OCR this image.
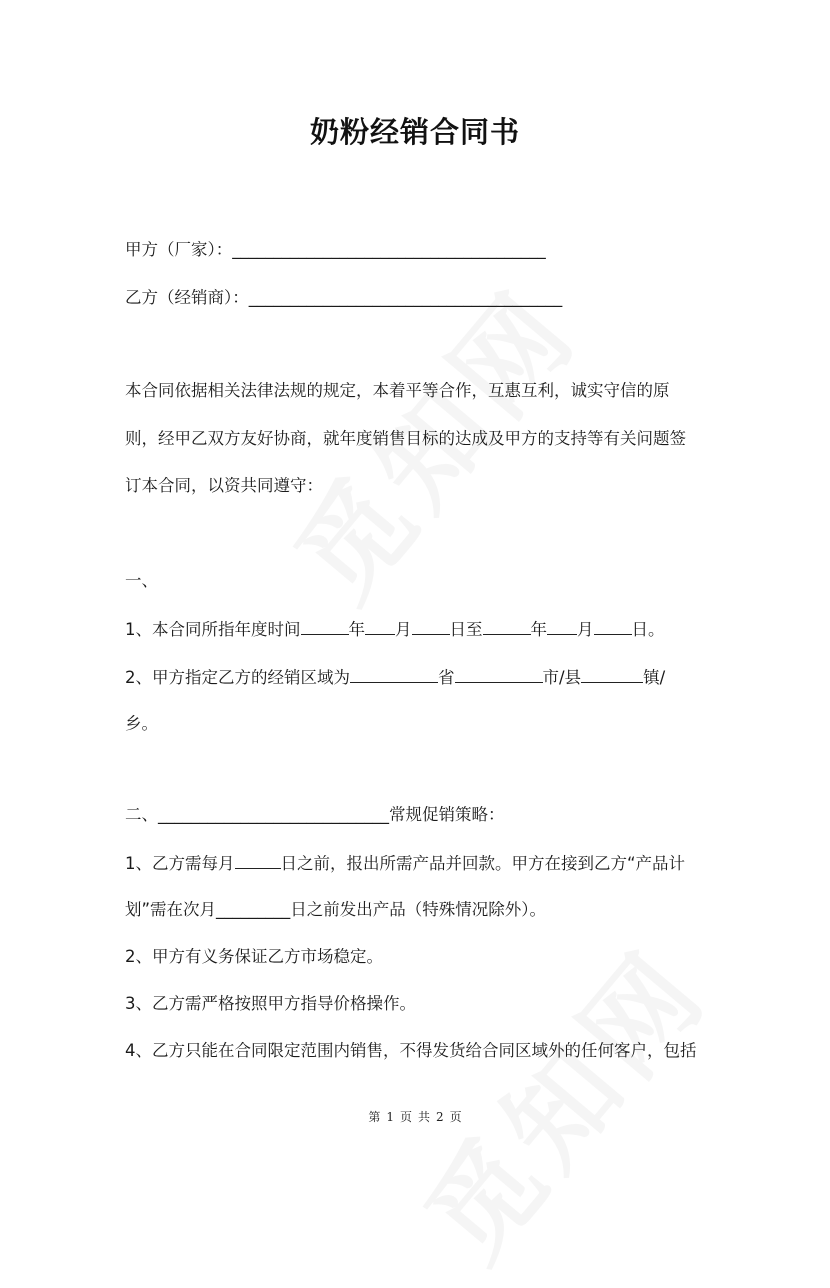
奶粉经销合同书
甲方（厂家）：______________________________________
乙方（经销商）：______________________________________
本合同依据相关法律法规的规定，本着平等合作，互惠互利，诚实守信的原
则，经甲乙双方友好协商，就年度销售目标的达成及甲方的支持等有关问题签
订本合同，以资共同遵守：
一、
1、本合同所指年度时间	年 月 日至	年 月 日。
2、甲方指定乙方的经销区域为	省	市/县	镇/
乡。
二、____________________________常规促销策略：
1、乙方需每月	日之前，报出所需产品并回款。甲方在接到乙方“产品计
划”需在次月_________日之前发出产品（特殊情况除外）。
2、甲方有义务保证乙方市场稳定。
3、乙方需严格按照甲方指导价格操作。
4、乙方只能在合同限定范围内销售，不得发货给合同区域外的任何客户，包括
第 1 页 共 2 页
